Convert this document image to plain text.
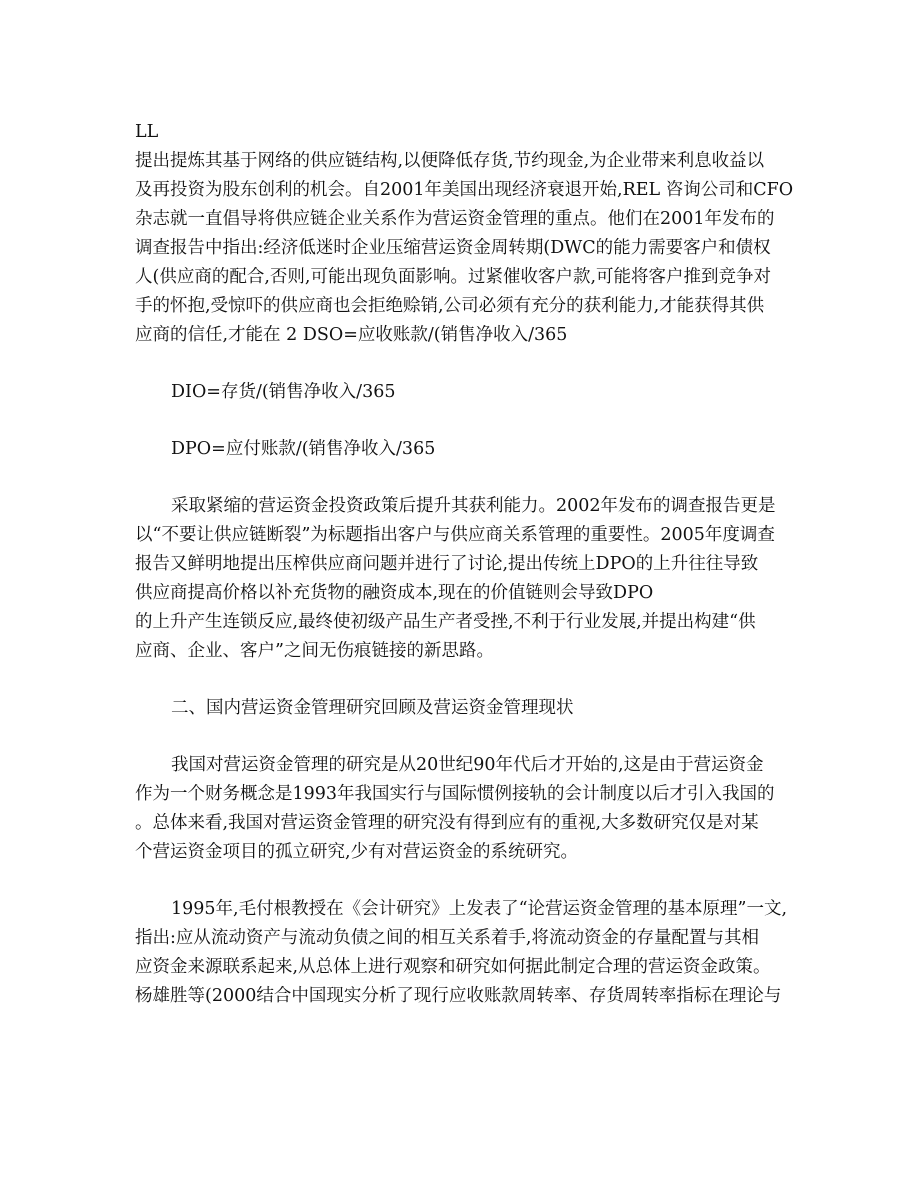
LL

提出提炼其基于网络的供应链结构,以便降低存货,节约现金,为企业带来利息收益以

及再投资为股东创利的机会。自2001年美国出现经济衰退开始,REL 咨询公司和CFO

杂志就一直倡导将供应链企业关系作为营运资金管理的重点。他们在2001年发布的

调查报告中指出:经济低迷时企业压缩营运资金周转期(DWC的能力需要客户和债权

人(供应商的配合,否则,可能出现负面影响。过紧催收客户款,可能将客户推到竞争对

手的怀抱,受惊吓的供应商也会拒绝赊销,公司必须有充分的获利能力,才能获得其供

应商的信任,才能在 2 DSO=应收账款/(销售净收入/365

DIO=存货/(销售净收入/365

DPO=应付账款/(销售净收入/365

采取紧缩的营运资金投资政策后提升其获利能力。2002年发布的调查报告更是

以“不要让供应链断裂”为标题指出客户与供应商关系管理的重要性。2005年度调查

报告又鲜明地提出压榨供应商问题并进行了讨论,提出传统上DPO的上升往往导致

供应商提高价格以补充货物的融资成本,现在的价值链则会导致DPO

的上升产生连锁反应,最终使初级产品生产者受挫,不利于行业发展,并提出构建“供

应商、企业、客户”之间无伤痕链接的新思路。

二、国内营运资金管理研究回顾及营运资金管理现状

我国对营运资金管理的研究是从20世纪90年代后才开始的,这是由于营运资金

作为一个财务概念是1993年我国实行与国际惯例接轨的会计制度以后才引入我国的

。总体来看,我国对营运资金管理的研究没有得到应有的重视,大多数研究仅是对某

个营运资金项目的孤立研究,少有对营运资金的系统研究。

1995年,毛付根教授在《会计研究》上发表了“论营运资金管理的基本原理”一文,

指出:应从流动资产与流动负债之间的相互关系着手,将流动资金的存量配置与其相

应资金来源联系起来,从总体上进行观察和研究如何据此制定合理的营运资金政策。

杨雄胜等(2000结合中国现实分析了现行应收账款周转率、存货周转率指标在理论与
